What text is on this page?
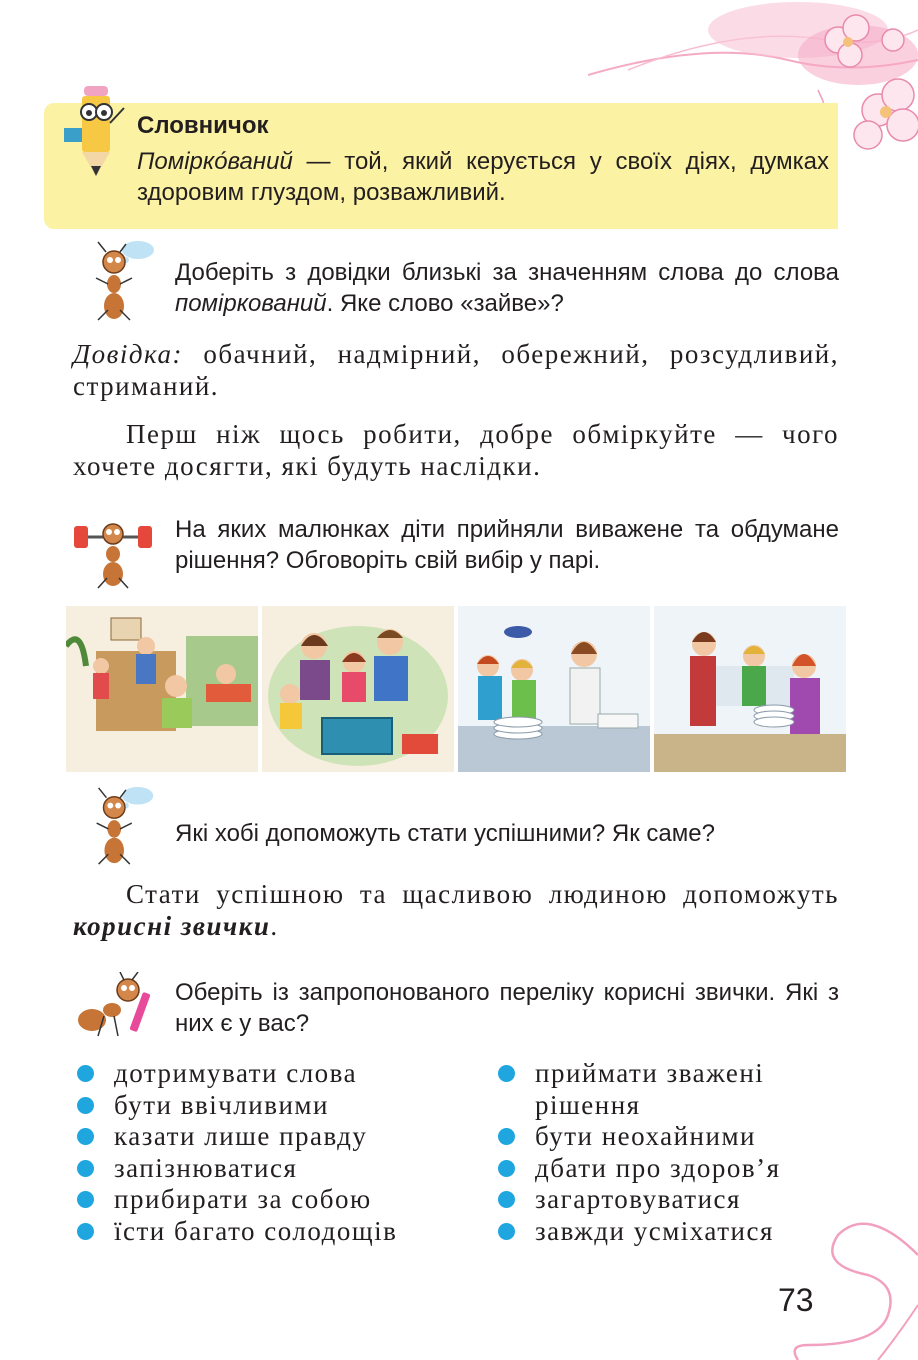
Словничок
Помірко́ваний — той, який керується у своїх діях, думках здоровим глуздом, розважливий.
Доберіть з довідки близькі за значенням слова до слова поміркований. Яке слово «зайве»?
Довідка: обачний, надмірний, обережний, розсудливий, стриманий.
Перш ніж щось робити, добре обміркуйте — чого хочете досягти, які будуть наслідки.
На яких малюнках діти прийняли виважене та обдумане рішення? Обговоріть свій вибір у парі.
Які хобі допоможуть стати успішними? Як саме?
Стати успішною та щасливою людиною допоможуть корисні звички.
Оберіть із запропонованого переліку корисні звички. Які з них є у вас?
дотримувати слова
бути ввічливими
казати лише правду
запізнюватися
прибирати за собою
їсти багато солодощів
приймати зважені
рішення
бути неохайними
дбати про здоров’я
загартовуватися
завжди усміхатися
73
